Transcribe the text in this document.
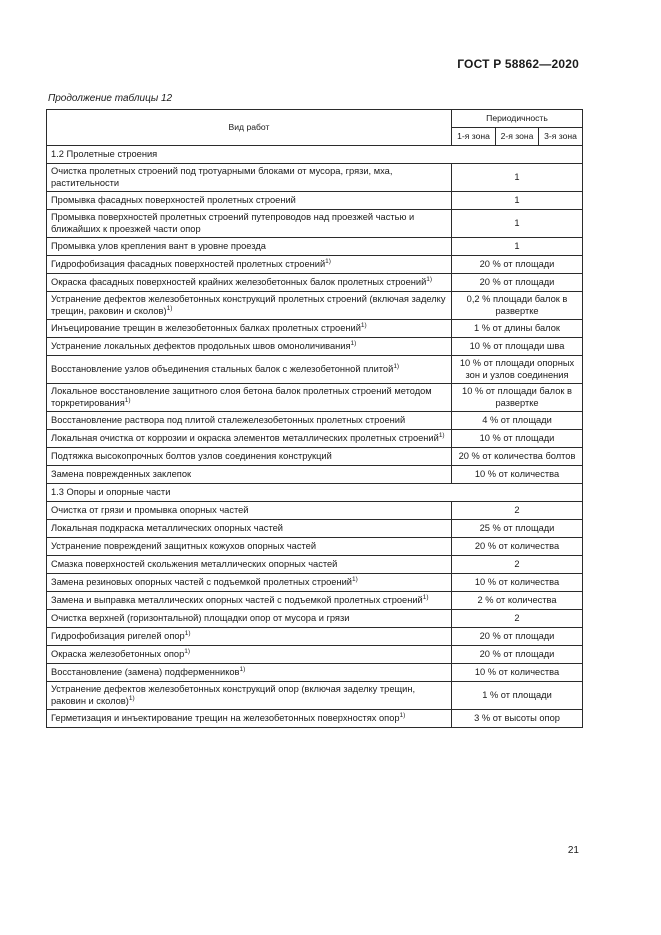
ГОСТ Р 58862—2020
Продолжение таблицы 12
Вид работ	Периодичность		
	1-я зона	2-я зона	3-я зона
1.2 Пролетные строения			
Очистка пролетных строений под тротуарными блоками от мусора, грязи, мха, растительности	1		
Промывка фасадных поверхностей пролетных строений	1		
Промывка поверхностей пролетных строений путепроводов над проезжей частью и ближайших к проезжей части опор	1		
Промывка улов крепления вант в уровне проезда	1		
Гидрофобизация фасадных поверхностей пролетных строений$^{1)}$	20 % от площади		
Окраска фасадных поверхностей крайних железобетонных балок пролетных строений$^{1)}$	20 % от площади		
Устранение дефектов железобетонных конструкций пролетных строений (включая заделку трещин, раковин и сколов)$^{1)}$	0,2 % площади балок в развертке		
Инъецирование трещин в железобетонных балках пролетных строений$^{1)}$	1 % от длины балок		
Устранение локальных дефектов продольных швов омоноличивания$^{1)}$	10 % от площади шва		
Восстановление узлов объединения стальных балок с железобетонной плитой$^{1)}$	10 % от площади опорных зон и узлов соединения		
Локальное восстановление защитного слоя бетона балок пролетных строений методом торкретирования$^{1)}$	10 % от площади балок в развертке		
Восстановление раствора под плитой сталежелезобетонных пролетных строений	4 % от площади		
Локальная очистка от коррозии и окраска элементов металлических пролетных строений$^{1)}$	10 % от площади		
Подтяжка высокопрочных болтов узлов соединения конструкций	20 % от количества болтов		
Замена поврежденных заклепок	10 % от количества		
1.3 Опоры и опорные части			
Очистка от грязи и промывка опорных частей	2		
Локальная подкраска металлических опорных частей	25 % от площади		
Устранение повреждений защитных кожухов опорных частей	20 % от количества		
Смазка поверхностей скольжения металлических опорных частей	2		
Замена резиновых опорных частей с подъемкой пролетных строений$^{1)}$	10 % от количества		
Замена и выправка металлических опорных частей с подъемкой пролетных строений$^{1)}$	2 % от количества		
Очистка верхней (горизонтальной) площадки опор от мусора и грязи	2		
Гидрофобизация ригелей опор$^{1)}$	20 % от площади		
Окраска железобетонных опор$^{1)}$	20 % от площади		
Восстановление (замена) подферменников$^{1)}$	10 % от количества		
Устранение дефектов железобетонных конструкций опор (включая заделку трещин, раковин и сколов)$^{1)}$	1 % от площади		
Герметизация и инъектирование трещин на железобетонных поверхностях опор$^{1)}$	3 % от высоты опор		
21
